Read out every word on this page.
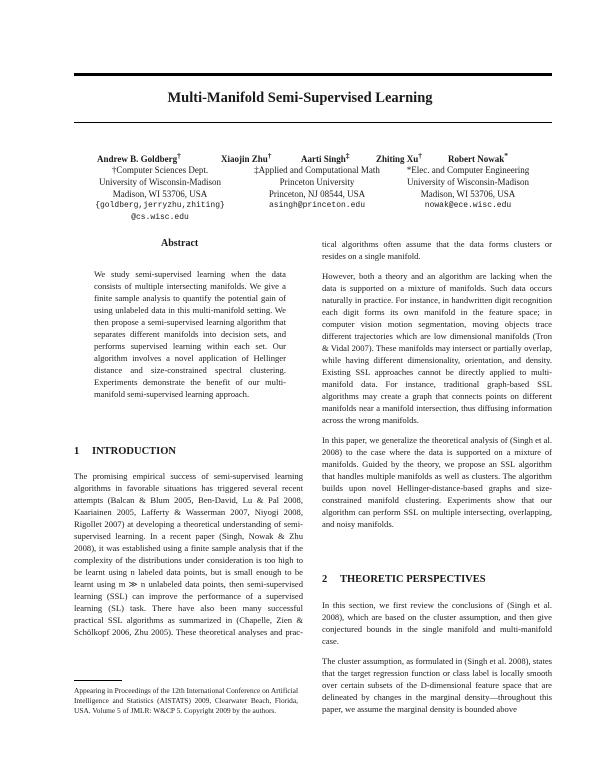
Multi-Manifold Semi-Supervised Learning
Andrew B. Goldberg†	Xiaojin Zhu†	Aarti Singh‡	Zhiting Xu†	Robert Nowak*
†Computer Sciences Dept.
University of Wisconsin-Madison
Madison, WI 53706, USA
{goldberg,jerryzhu,zhiting}
@cs.wisc.edu
‡Applied and Computational Math
Princeton University
Princeton, NJ 08544, USA
asingh@princeton.edu
*Elec. and Computer Engineering
University of Wisconsin-Madison
Madison, WI 53706, USA
nowak@ece.wisc.edu
Abstract

We study semi-supervised learning when the data consists of multiple intersecting manifolds. We give a finite sample analysis to quantify the potential gain of using unlabeled data in this multi-manifold setting. We then propose a semi-supervised learning algorithm that separates different manifolds into decision sets, and performs supervised learning within each set. Our algorithm involves a novel application of Hellinger distance and size-constrained spectral clustering. Experiments demonstrate the benefit of our multi-manifold semi-supervised learning approach.

1 INTRODUCTION

The promising empirical success of semi-supervised learning algorithms in favorable situations has triggered several recent attempts (Balcan & Blum 2005, Ben-David, Lu & Pal 2008, Kaariainen 2005, Lafferty & Wasserman 2007, Niyogi 2008, Rigollet 2007) at developing a theoretical understanding of semi-supervised learning. In a recent paper (Singh, Nowak & Zhu 2008), it was established using a finite sample analysis that if the complexity of the distributions under consideration is too high to be learnt using n labeled data points, but is small enough to be learnt using m ≫ n unlabeled data points, then semi-supervised learning (SSL) can improve the performance of a supervised learning (SL) task. There have also been many successful practical SSL algorithms as summarized in (Chapelle, Zien & Schölkopf 2006, Zhu 2005). These theoretical analyses and prac-

Appearing in Proceedings of the 12th International Conference on Artificial Intelligence and Statistics (AISTATS) 2009, Clearwater Beach, Florida, USA. Volume 5 of JMLR: W&CP 5. Copyright 2009 by the authors.

tical algorithms often assume that the data forms clusters or resides on a single manifold.

However, both a theory and an algorithm are lacking when the data is supported on a mixture of manifolds. Such data occurs naturally in practice. For instance, in handwritten digit recognition each digit forms its own manifold in the feature space; in computer vision motion segmentation, moving objects trace different trajectories which are low dimensional manifolds (Tron & Vidal 2007). These manifolds may intersect or partially overlap, while having different dimensionality, orientation, and density. Existing SSL approaches cannot be directly applied to multi-manifold data. For instance, traditional graph-based SSL algorithms may create a graph that connects points on different manifolds near a manifold intersection, thus diffusing information across the wrong manifolds.

In this paper, we generalize the theoretical analysis of (Singh et al. 2008) to the case where the data is supported on a mixture of manifolds. Guided by the theory, we propose an SSL algorithm that handles multiple manifolds as well as clusters. The algorithm builds upon novel Hellinger-distance-based graphs and size-constrained manifold clustering. Experiments show that our algorithm can perform SSL on multiple intersecting, overlapping, and noisy manifolds.

2 THEORETIC PERSPECTIVES

In this section, we first review the conclusions of (Singh et al. 2008), which are based on the cluster assumption, and then give conjectured bounds in the single manifold and multi-manifold case.

The cluster assumption, as formulated in (Singh et al. 2008), states that the target regression function or class label is locally smooth over certain subsets of the D-dimensional feature space that are delineated by changes in the marginal density—throughout this paper, we assume the marginal density is bounded above
